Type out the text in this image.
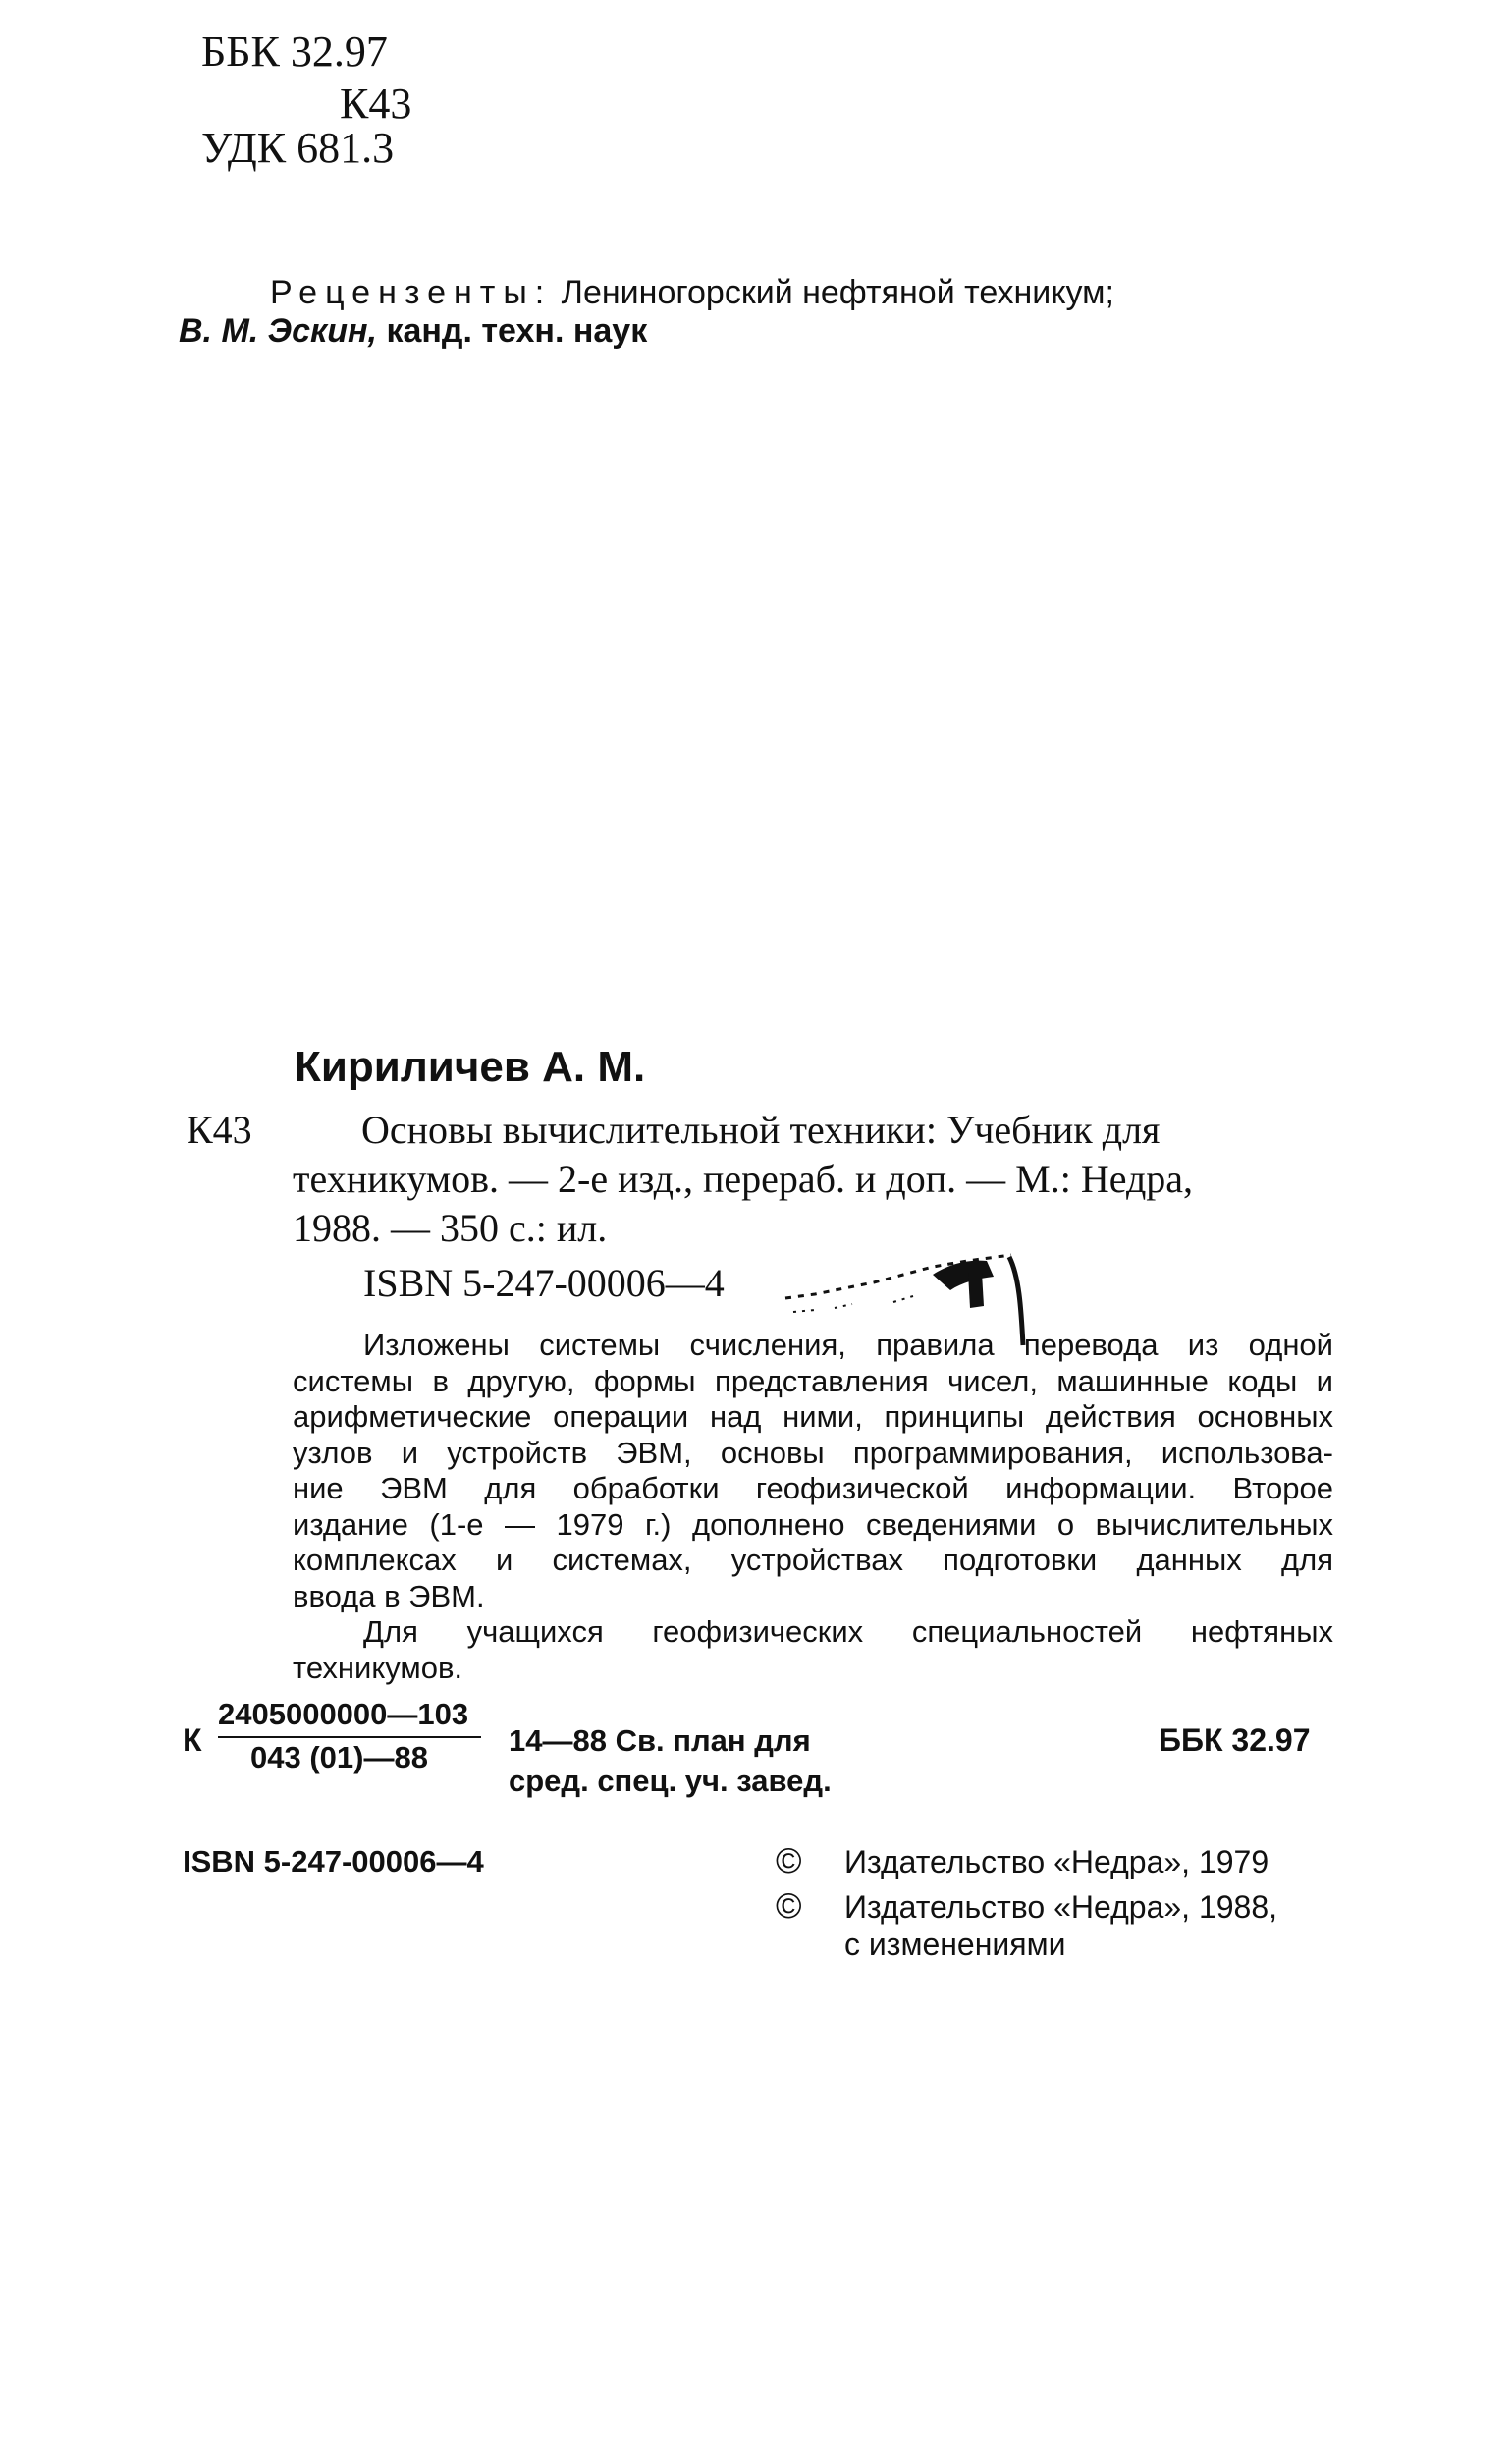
ББК 32.97
К43
УДК 681.3
Рецензенты: Лениногорский нефтяной техникум;
В. М. Эскин, канд. техн. наук
Кириличев А. М.
К43	Основы вычислительной техники: Учебник для
техникумов. — 2-е изд., перераб. и доп. — М.: Недра,
1988. — 350 с.: ил.
ISBN 5-247-00006—4
Изложены системы счисления, правила перевода из одной
системы в другую, формы представления чисел, машинные коды и
арифметические операции над ними, принципы действия основных
узлов и устройств ЭВМ, основы программирования, использова-
ние ЭВМ для обработки геофизической информации. Второе
издание (1-е — 1979 г.) дополнено сведениями о вычислительных
комплексах и системах, устройствах подготовки данных для
ввода в ЭВМ.
Для учащихся геофизических специальностей нефтяных
техникумов.
К
2405000000—103
043 (01)—88	14—88 Св. план для
сред. спец. уч. завед.
ББК 32.97
ISBN 5-247-00006—4	© Издательство «Недра», 1979
© Издательство «Недра», 1988,
с изменениями
